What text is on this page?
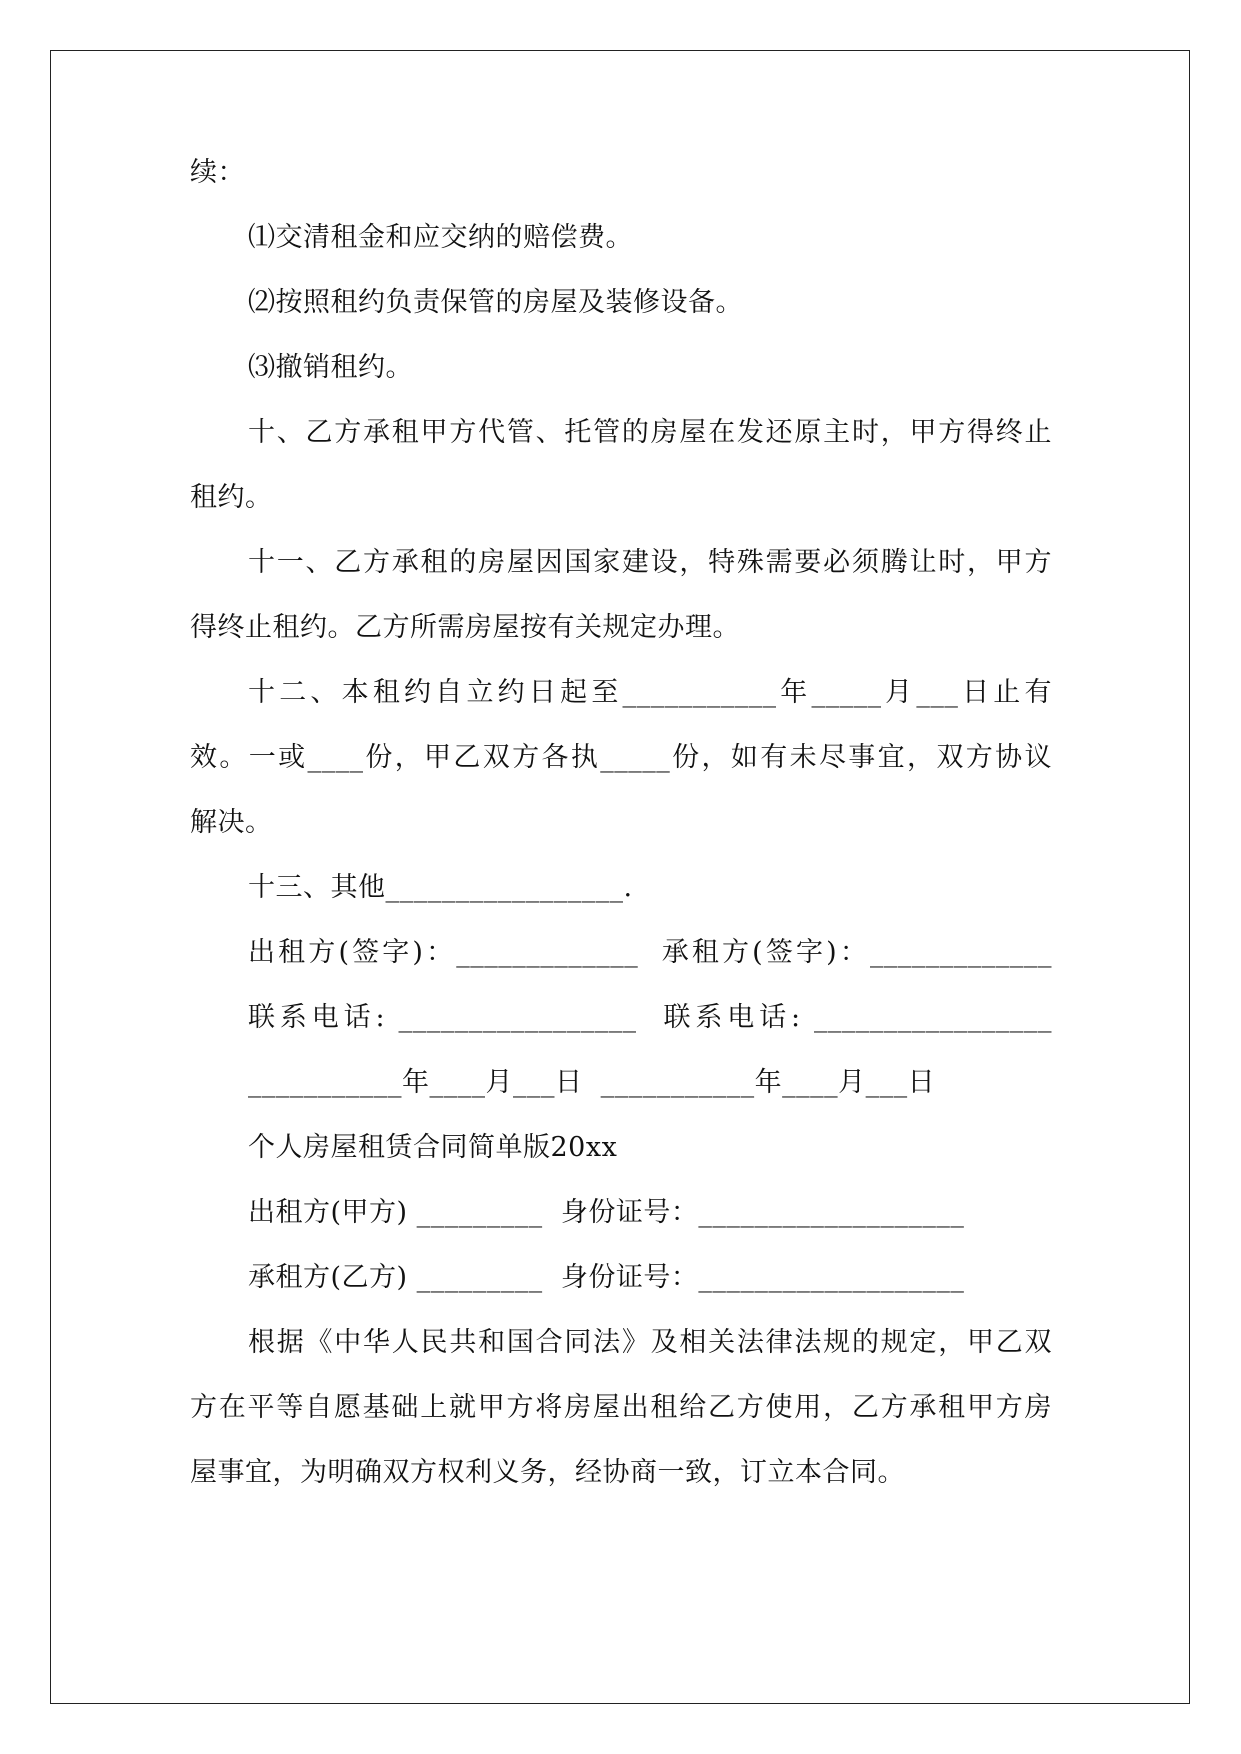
续：
⑴交清租金和应交纳的赔偿费。
⑵按照租约负责保管的房屋及装修设备。
⑶撤销租约。
十、乙方承租甲方代管、托管的房屋在发还原主时，甲方得终止
租约。
十一、乙方承租的房屋因国家建设，特殊需要必须腾让时，甲方
得终止租约。乙方所需房屋按有关规定办理。
十二、本租约自立约日起至___________年_____月___日止有
效。一或____份，甲乙双方各执_____份，如有未尽事宜，双方协议
解决。
十三、其他_________________.
出租方(签字)：_____________  承租方(签字)：_____________
联系电话: _________________  联系电话: _________________
___________年____月___日  ___________年____月___日
个人房屋租赁合同简单版20xx
出租方(甲方) _________  身份证号：___________________
承租方(乙方) _________  身份证号：___________________
根据《中华人民共和国合同法》及相关法律法规的规定，甲乙双
方在平等自愿基础上就甲方将房屋出租给乙方使用，乙方承租甲方房
屋事宜，为明确双方权利义务，经协商一致，订立本合同。
